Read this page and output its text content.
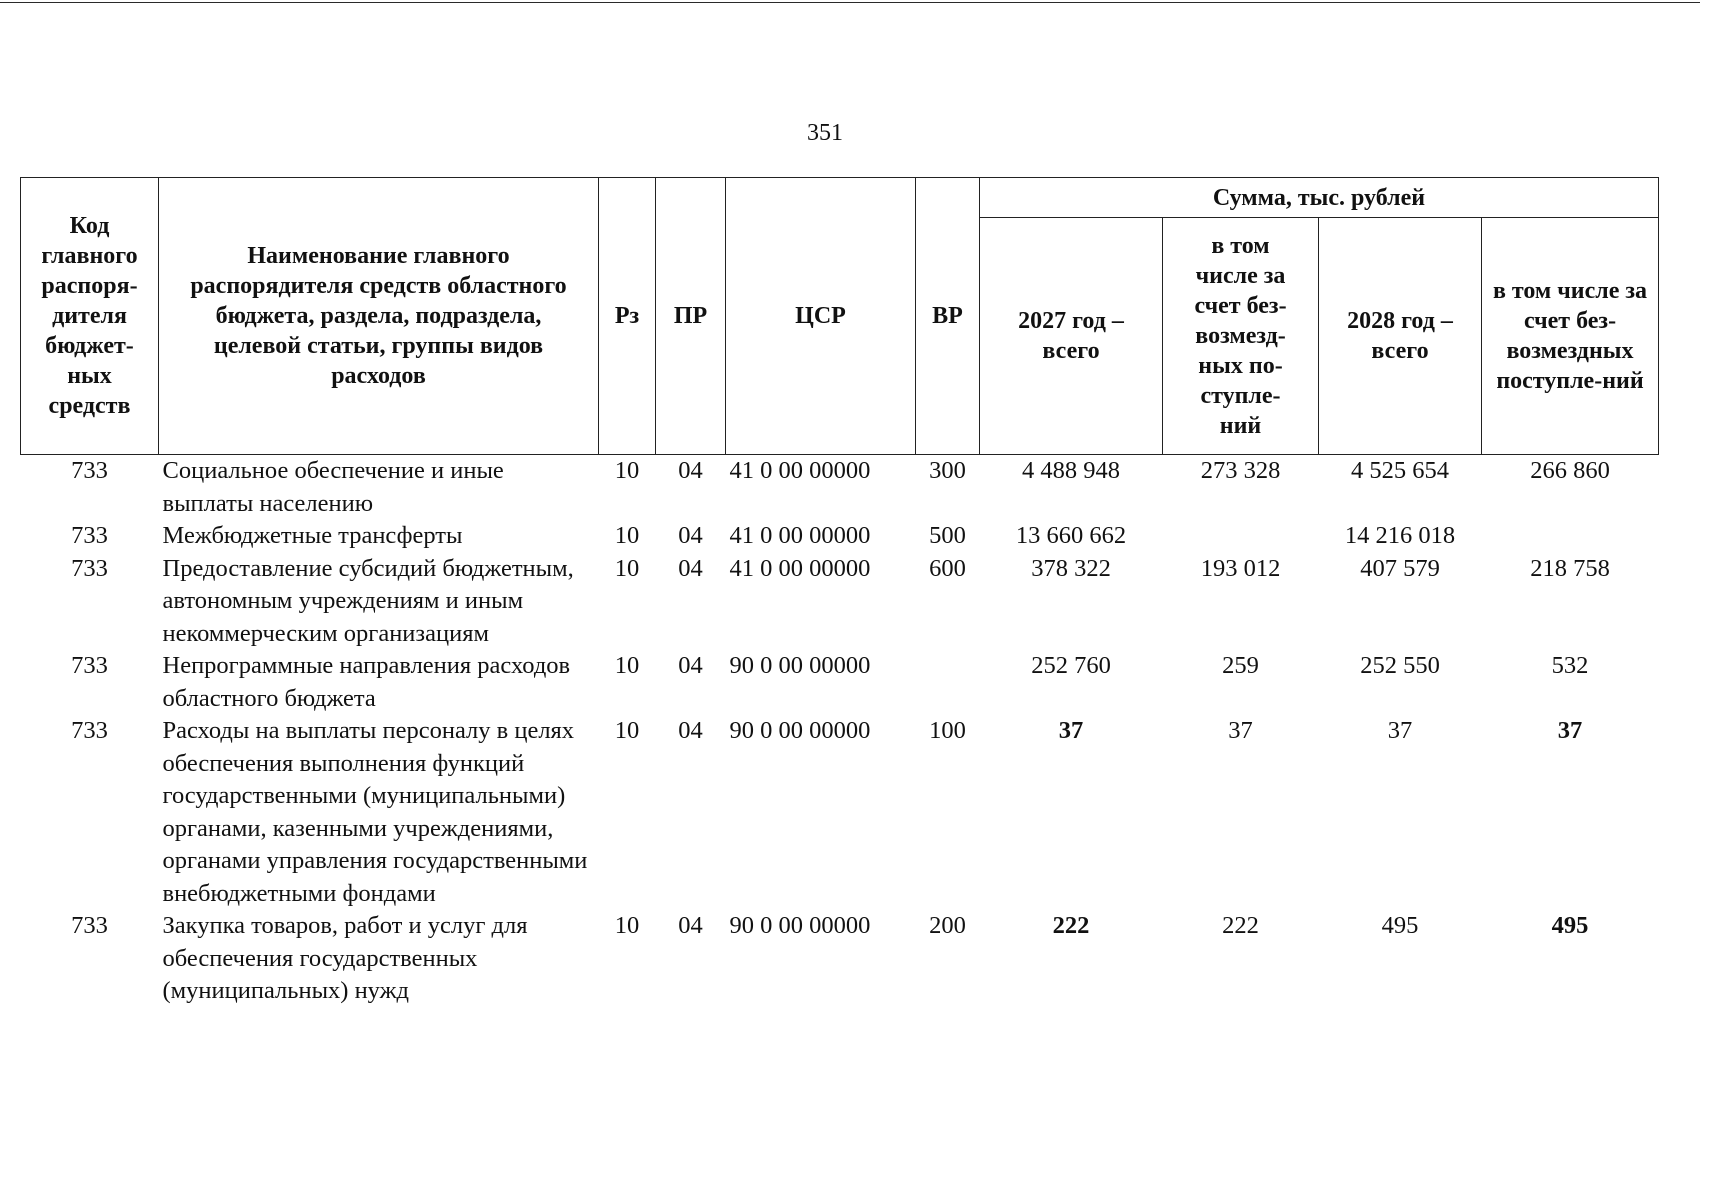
351
Код главного распоря-дителя бюджет-ных средств	Наименование главного распорядителя средств областного бюджета, раздела, подраздела, целевой статьи, группы видов расходов	Рз	ПР	ЦСР	ВР	Сумма, тыс. рублей			
						2027 год – всего	в том числе за счет без-возмезд-ных по-ступле-ний	2028 год – всего	в том числе за счет без-возмездных поступле-ний
733	Социальное обеспечение и иные выплаты населению	10	04	41 0 00 00000	300	4 488 948	273 328	4 525 654	266 860
733	Межбюджетные трансферты	10	04	41 0 00 00000	500	13 660 662		14 216 018	
733	Предоставление субсидий бюджетным, автономным учреждениям и иным некоммерческим организациям	10	04	41 0 00 00000	600	378 322	193 012	407 579	218 758
733	Непрограммные направления расходов областного бюджета	10	04	90 0 00 00000		252 760	259	252 550	532
733	Расходы на выплаты персоналу в целях обеспечения выполнения функций государственными (муниципальными) органами, казенными учреждениями, органами управления государственными внебюджетными фондами	10	04	90 0 00 00000	100	37	37	37	37
733	Закупка товаров, работ и услуг для обеспечения государственных (муниципальных) нужд	10	04	90 0 00 00000	200	222	222	495	495
